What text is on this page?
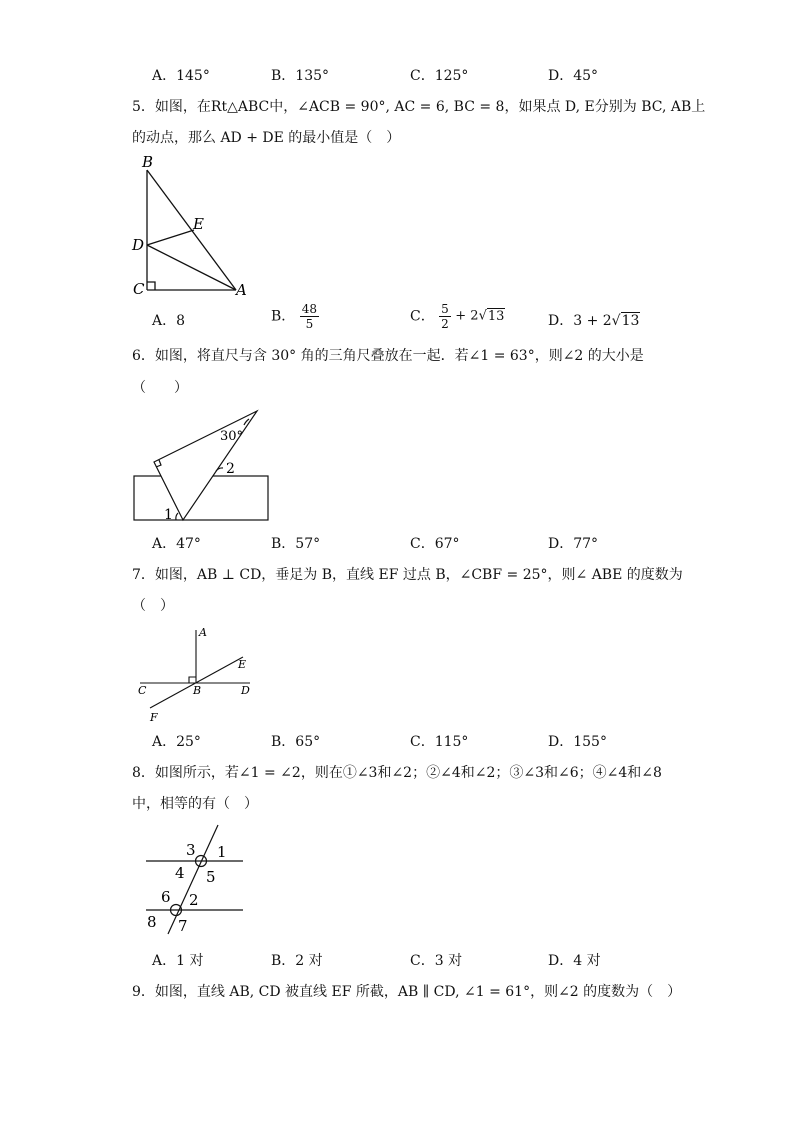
A．145°	B．135°	C．125°	D．45°
5．如图，在Rt△ABC中，∠ACB = 90°, AC = 6, BC = 8，如果点 D, E分别为 BC, AB上
的动点，那么 AD + DE 的最小值是（　）
B
E
D
C	A
A．8	B． $\frac{48}{5}$	C． $\frac{5}{2} + 2√13$	D．3 + 2√13
6．如图，将直尺与含 30° 角的三角尺叠放在一起．若∠1 = 63°，则∠2 的大小是
（　　）
30°
1
2
A．47°	B．57°	C．67°	D．77°
7．如图，AB ⊥ CD，垂足为 B，直线 EF 过点 B，∠CBF = 25°，则∠ ABE 的度数为
（　）
A
E
C	B	D
F
A．25°	B．65°	C．115°	D．155°
8．如图所示，若∠1 = ∠2，则在①∠3和∠2；②∠4和∠2；③∠3和∠6；④∠4和∠8
中，相等的有（　）
3 1
4 5
6 2
8 7
A．1 对	B．2 对	C．3 对	D．4 对
9．如图，直线 AB, CD 被直线 EF 所截，AB ∥ CD, ∠1 = 61°，则∠2 的度数为（　）
